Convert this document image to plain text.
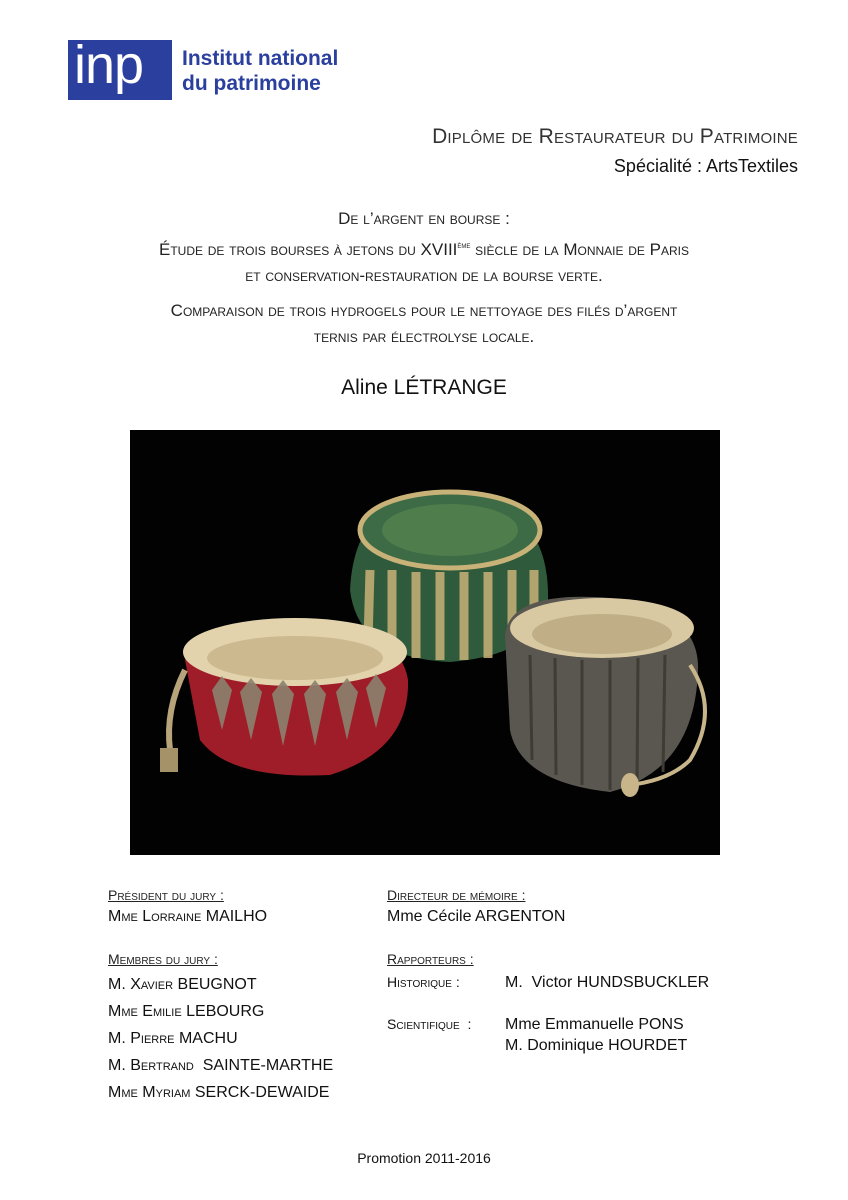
inp Institut national
du patrimoine
Diplôme de Restaurateur du Patrimoine
Spécialité : ArtsTextiles
De l’argent en bourse :
Étude de trois bourses à jetons du XVIIIème siècle de la Monnaie de Paris
et conservation-restauration de la bourse verte.
Comparaison de trois hydrogels pour le nettoyage des filés d’argent
ternis par électrolyse locale.
Aline LÉTRANGE
Président du jury :
Mme Lorraine MAILHO
Membres du jury :
M. Xavier BEUGNOT
Mme Emilie LEBOURG
M. Pierre MACHU
M. Bertrand  SAINTE-MARTHE
Mme Myriam SERCK-DEWAIDE
Directeur de mémoire :
Mme Cécile ARGENTON
Rapporteurs :
Historique :	M.  Victor HUNDSBUCKLER
Scientifique  : Mme Emmanuelle PONS
M. Dominique HOURDET
Promotion 2011-2016
